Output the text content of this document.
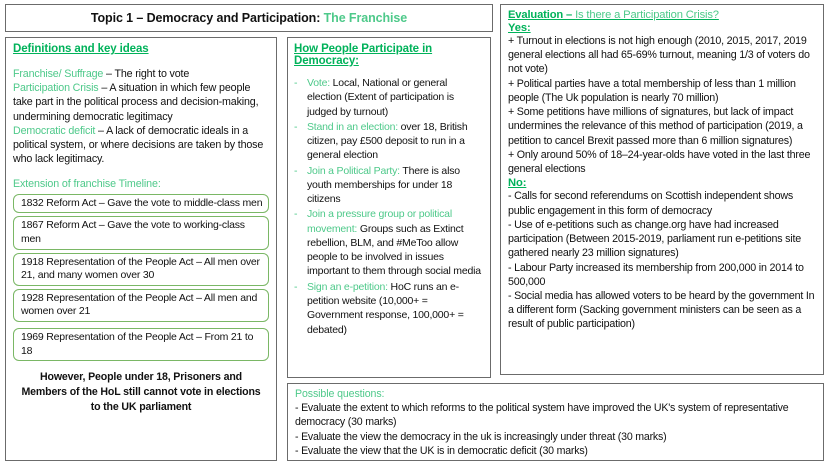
Topic 1 – Democracy and Participation: The Franchise
Definitions and key ideas
Franchise/ Suffrage – The right to vote
Participation Crisis – A situation in which few people take part in the political process and decision-making, undermining democratic legitimacy
Democratic deficit – A lack of democratic ideals in a political system, or where decisions are taken by those who lack legitimacy.
Extension of franchise Timeline:
1832 Reform Act – Gave the vote to middle-class men
1867 Reform Act – Gave the vote to working-class men
1918 Representation of the People Act – All men over 21, and many women over 30
1928 Representation of the People Act – All men and women over 21
1969 Representation of the People Act – From 21 to 18
However, People under 18, Prisoners and Members of the HoL still cannot vote in elections to the UK parliament
How People Participate in Democracy:
- Vote: Local, National or general election (Extent of participation is judged by turnout)
- Stand in an election: over 18, British citizen, pay £500 deposit to run in a general election
- Join a Political Party: There is also youth memberships for under 18 citizens
- Join a pressure group or political movement: Groups such as Extinct rebellion, BLM, and #MeToo allow people to be involved in issues important to them through social media
- Sign an e-petition: HoC runs an e-petition website (10,000+ = Government response, 100,000+ = debated)
Evaluation – Is there a Participation Crisis?
Yes:

+ Turnout in elections is not high enough (2010, 2015, 2017, 2019 general elections all had 65-69% turnout, meaning 1/3 of voters do not vote)

+ Political parties have a total membership of less than 1 million people (The Uk population is nearly 70 million)

+ Some petitions have millions of signatures, but lack of impact undermines the relevance of this method of participation (2019, a petition to cancel Brexit passed more than 6 million signatures)

+ Only around 50% of 18–24-year-olds have voted in the last three general elections

No:

- Calls for second referendums on Scottish independent shows public engagement in this form of democracy

- Use of e-petitions such as change.org have had increased participation (Between 2015-2019, parliament run e-petitions site gathered nearly 23 million signatures)

- Labour Party increased its membership from 200,000 in 2014 to 500,000

- Social media has allowed voters to be heard by the government In a different form (Sacking government ministers can be seen as a result of public participation)

Possible questions:

- Evaluate the extent to which reforms to the political system have improved the UK's system of representative democracy (30 marks)

- Evaluate the view the democracy in the uk is increasingly under threat (30 marks)

- Evaluate the view that the UK is in democratic deficit (30 marks)
